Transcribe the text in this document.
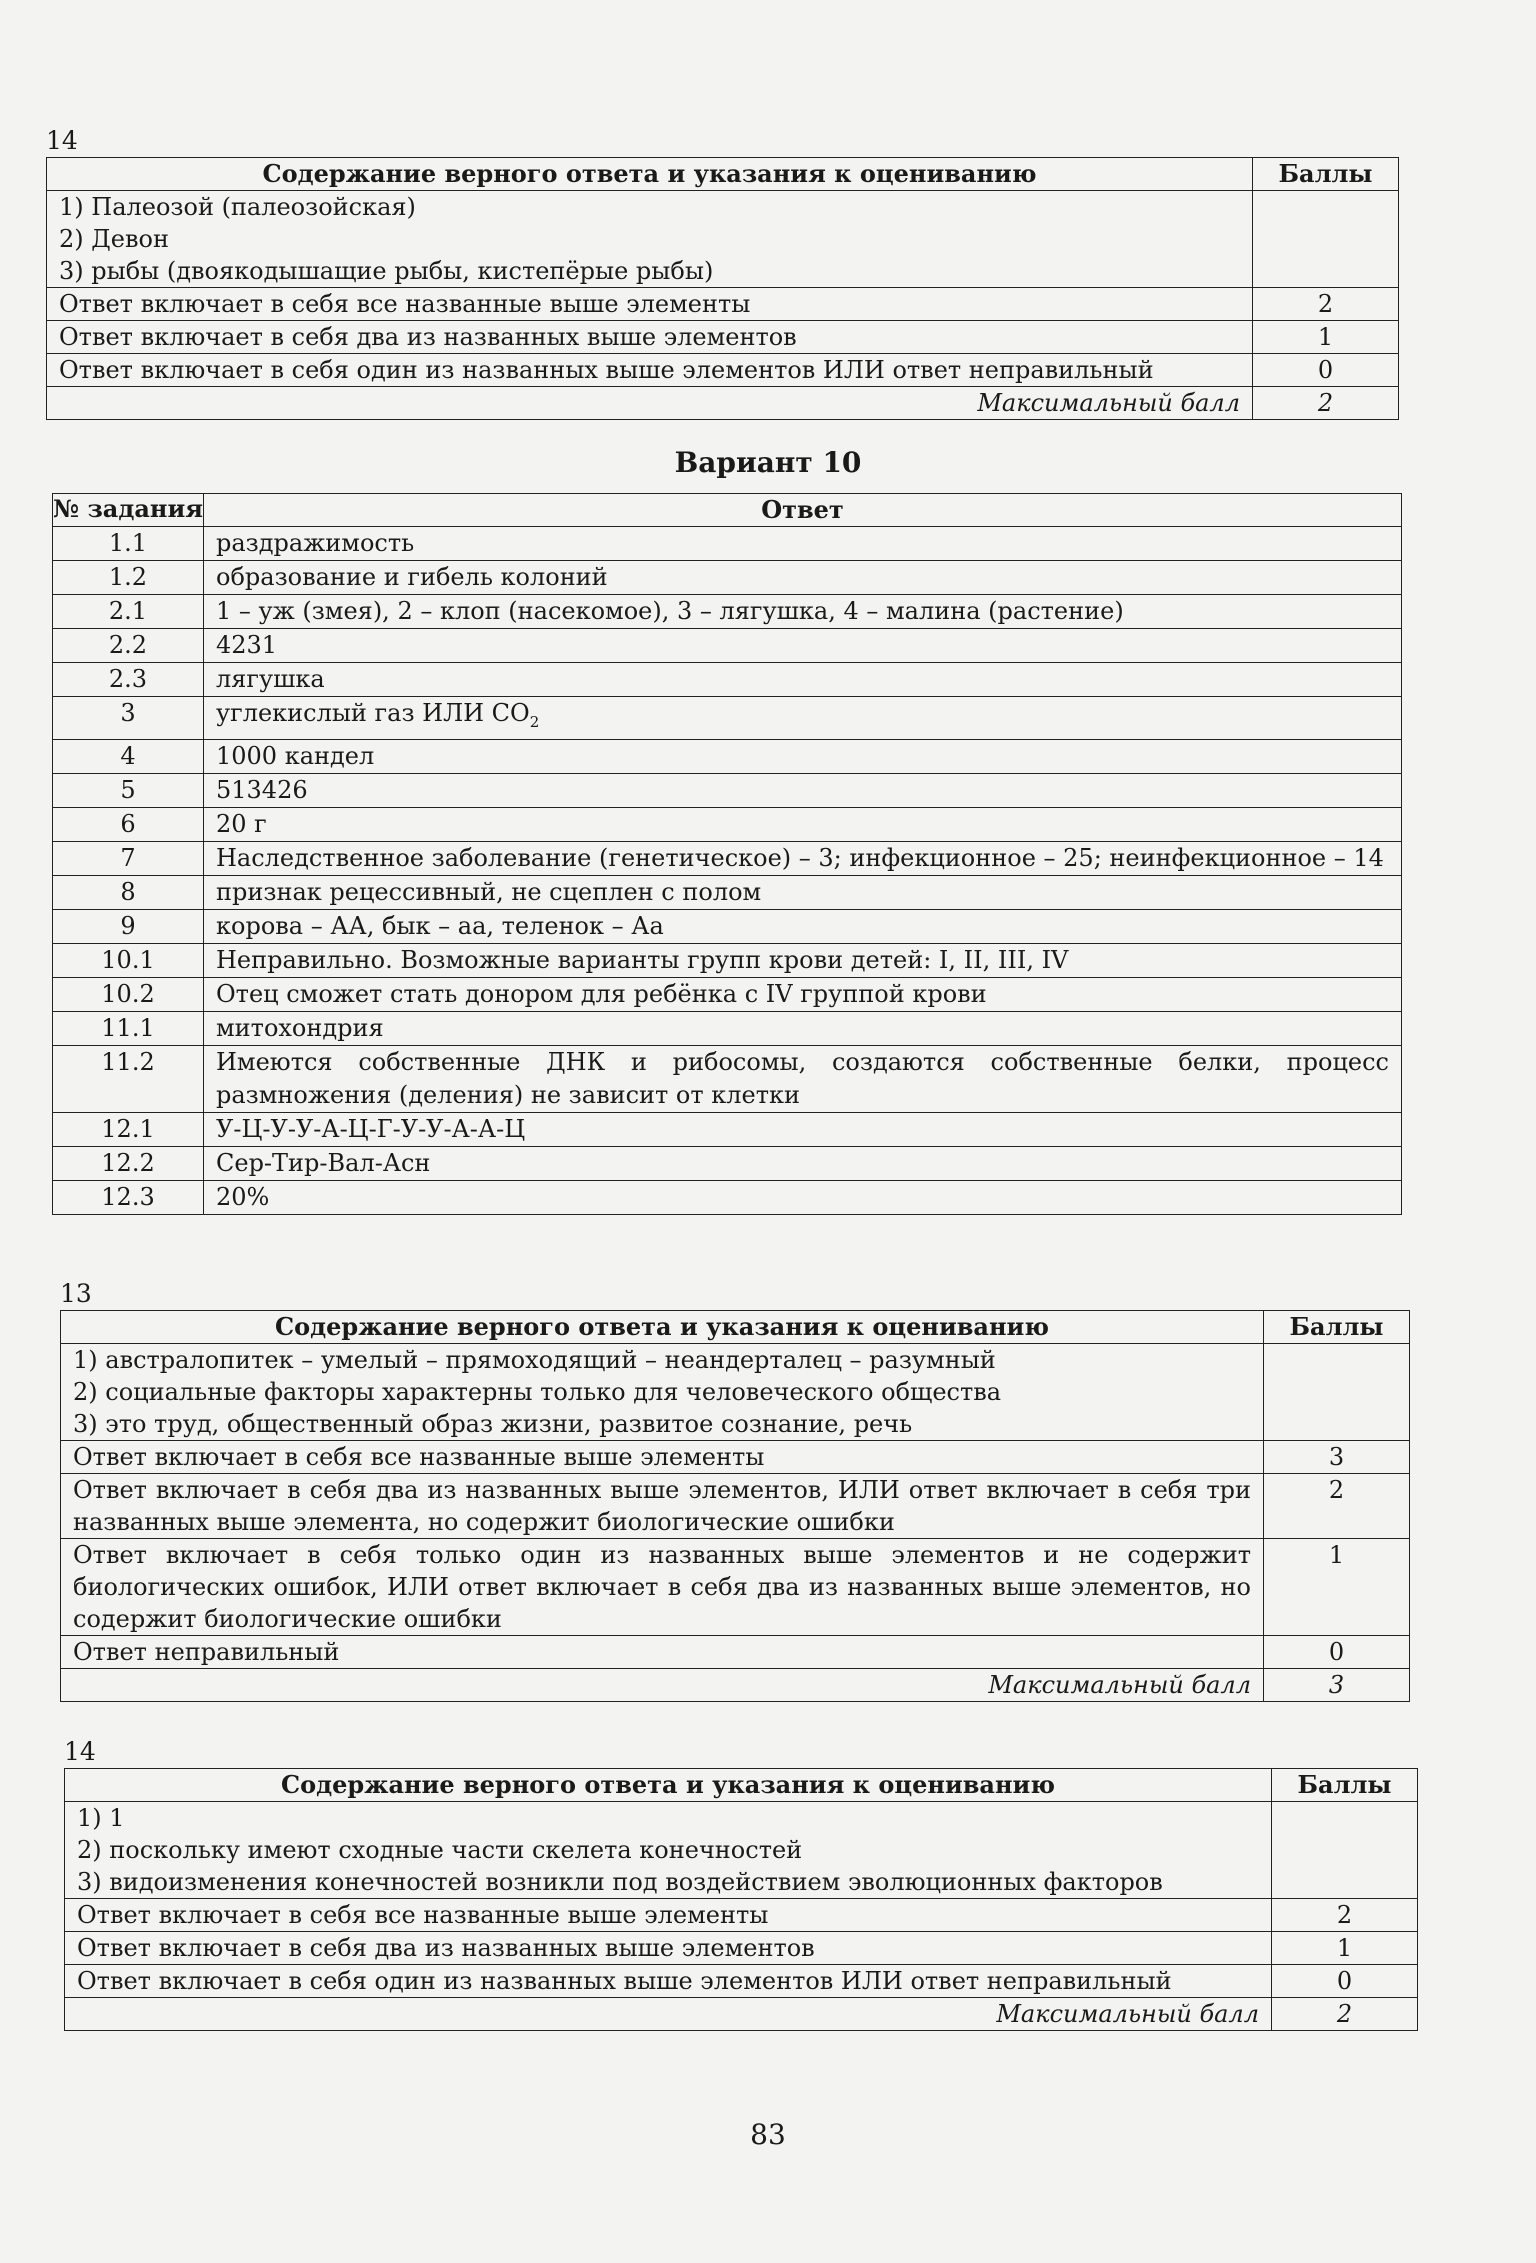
14
Содержание верного ответа и указания к оцениванию	Баллы

1) Палеозой (палеозойская)
2) Девон
3) рыбы (двоякодышащие рыбы, кистепёрые рыбы)	

Ответ включает в себя все названные выше элементы	2
Ответ включает в себя два из названных выше элементов	1
Ответ включает в себя один из названных выше элементов ИЛИ ответ неправильный	0
Максимальный балл	2
Вариант 10
№ задания	Ответ
1.1	раздражимость
1.2	образование и гибель колоний
2.1	1 – уж (змея), 2 – клоп (насекомое), 3 – лягушка, 4 – малина (растение)
2.2	4231
2.3	лягушка
3	углекислый газ ИЛИ $CO_2$
4	1000 кандел
5	513426
6	20 г
7	Наследственное заболевание (генетическое) – 3; инфекционное – 25; неинфекционное – 14
8	признак рецессивный, не сцеплен с полом
9	корова – АА, бык – аа, теленок – Аа
10.1	Неправильно. Возможные варианты групп крови детей: I, II, III, IV
10.2	Отец сможет стать донором для ребёнка с IV группой крови
11.1	митохондрия
11.2	Имеются собственные ДНК и рибосомы, создаются собственные белки, процесс размножения (деления) не зависит от клетки
12.1	У-Ц-У-У-А-Ц-Г-У-У-А-А-Ц
12.2	Сер-Тир-Вал-Асн
12.3	20%
13
Содержание верного ответа и указания к оцениванию	Баллы

1) австралопитек – умелый – прямоходящий – неандерталец – разумный
2) социальные факторы характерны только для человеческого общества
3) это труд, общественный образ жизни, развитое сознание, речь	

Ответ включает в себя все названные выше элементы	3
Ответ включает в себя два из названных выше элементов, ИЛИ ответ включает в себя три названных выше элемента, но содержит биологические ошибки	2
Ответ включает в себя только один из названных выше элементов и не содержит биологических ошибок, ИЛИ ответ включает в себя два из названных выше элементов, но содержит биологические ошибки	1
Ответ неправильный	0
Максимальный балл	3
14
Содержание верного ответа и указания к оцениванию	Баллы

1) 1
2) поскольку имеют сходные части скелета конечностей
3) видоизменения конечностей возникли под воздействием эволюционных факторов	

Ответ включает в себя все названные выше элементы	2
Ответ включает в себя два из названных выше элементов	1
Ответ включает в себя один из названных выше элементов ИЛИ ответ неправильный	0
Максимальный балл	2
83
